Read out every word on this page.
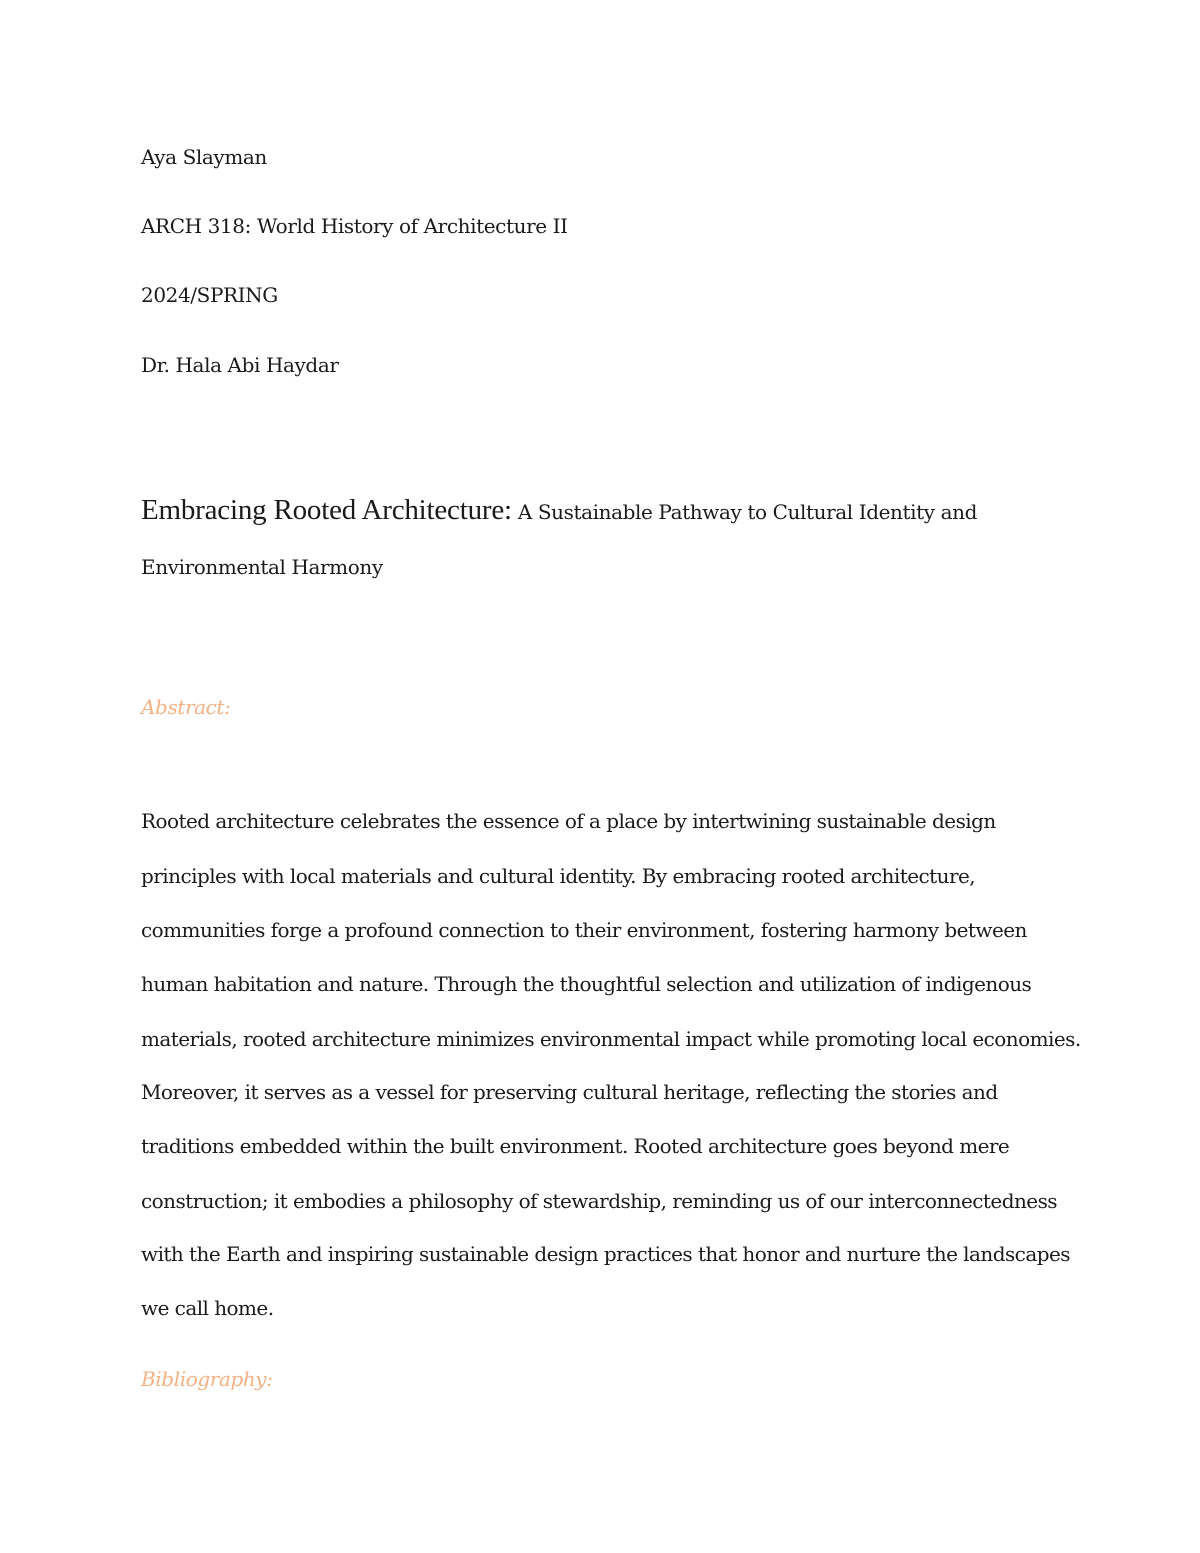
Aya Slayman
ARCH 318: World History of Architecture II
2024/SPRING
Dr. Hala Abi Haydar
Embracing Rooted Architecture: A Sustainable Pathway to Cultural Identity and
Environmental Harmony
Abstract:
Rooted architecture celebrates the essence of a place by intertwining sustainable design
principles with local materials and cultural identity. By embracing rooted architecture,
communities forge a profound connection to their environment, fostering harmony between
human habitation and nature. Through the thoughtful selection and utilization of indigenous
materials, rooted architecture minimizes environmental impact while promoting local economies.
Moreover, it serves as a vessel for preserving cultural heritage, reflecting the stories and
traditions embedded within the built environment. Rooted architecture goes beyond mere
construction; it embodies a philosophy of stewardship, reminding us of our interconnectedness
with the Earth and inspiring sustainable design practices that honor and nurture the landscapes
we call home.
Bibliography:
